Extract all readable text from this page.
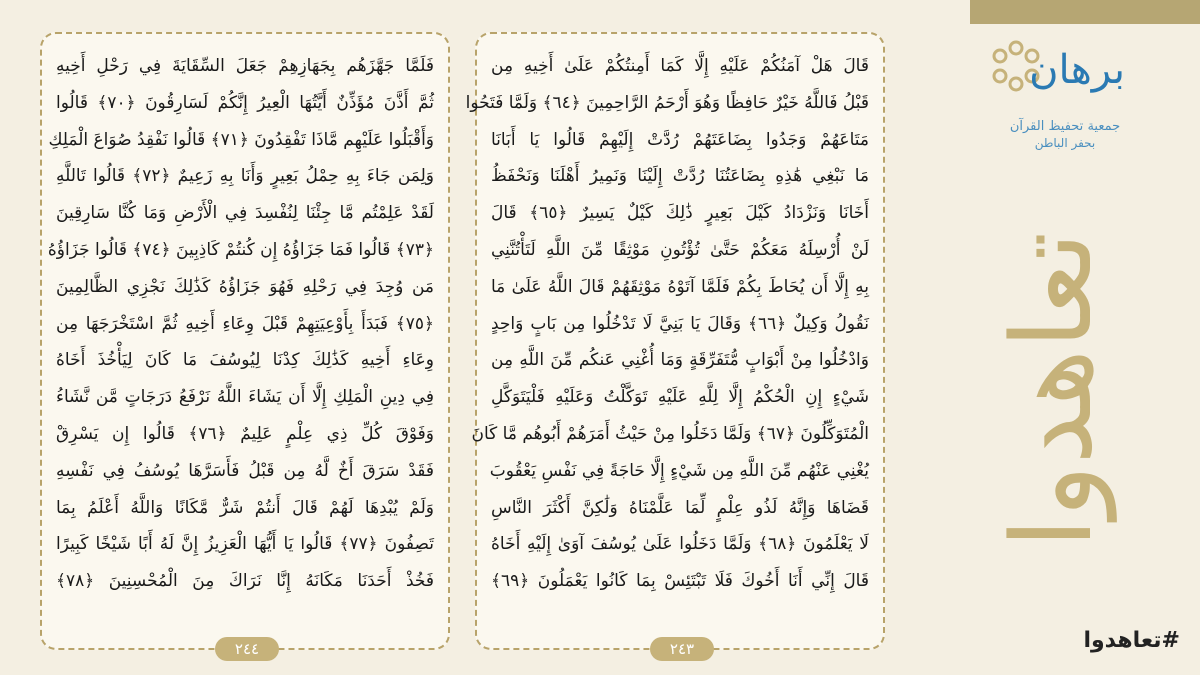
فَلَمَّا جَهَّزَهُم بِجَهَازِهِمْ جَعَلَ السِّقَايَةَ فِي رَحْلِ أَخِيهِ
ثُمَّ أَذَّنَ مُؤَذِّنٌ أَيَّتُهَا الْعِيرُ إِنَّكُمْ لَسَارِقُونَ ﴿٧٠﴾ قَالُوا
وَأَقْبَلُوا عَلَيْهِم مَّاذَا تَفْقِدُونَ ﴿٧١﴾ قَالُوا نَفْقِدُ صُوَاعَ الْمَلِكِ
وَلِمَن جَاءَ بِهِ حِمْلُ بَعِيرٍ وَأَنَا بِهِ زَعِيمٌ ﴿٧٢﴾ قَالُوا تَاللَّهِ
لَقَدْ عَلِمْتُم مَّا جِئْنَا لِنُفْسِدَ فِي الْأَرْضِ وَمَا كُنَّا سَارِقِينَ
﴿٧٣﴾ قَالُوا فَمَا جَزَاؤُهُ إِن كُنتُمْ كَاذِبِينَ ﴿٧٤﴾ قَالُوا جَزَاؤُهُ
مَن وُجِدَ فِي رَحْلِهِ فَهُوَ جَزَاؤُهُ كَذَٰلِكَ نَجْزِي الظَّالِمِينَ
﴿٧٥﴾ فَبَدَأَ بِأَوْعِيَتِهِمْ قَبْلَ وِعَاءِ أَخِيهِ ثُمَّ اسْتَخْرَجَهَا مِن
وِعَاءِ أَخِيهِ كَذَٰلِكَ كِدْنَا لِيُوسُفَ مَا كَانَ لِيَأْخُذَ أَخَاهُ
فِي دِينِ الْمَلِكِ إِلَّا أَن يَشَاءَ اللَّهُ نَرْفَعُ دَرَجَاتٍ مَّن نَّشَاءُ
وَفَوْقَ كُلِّ ذِي عِلْمٍ عَلِيمٌ ﴿٧٦﴾ قَالُوا إِن يَسْرِقْ
فَقَدْ سَرَقَ أَخٌ لَّهُ مِن قَبْلُ فَأَسَرَّهَا يُوسُفُ فِي نَفْسِهِ
وَلَمْ يُبْدِهَا لَهُمْ قَالَ أَنتُمْ شَرٌّ مَّكَانًا وَاللَّهُ أَعْلَمُ بِمَا
تَصِفُونَ ﴿٧٧﴾ قَالُوا يَا أَيُّهَا الْعَزِيزُ إِنَّ لَهُ أَبًا شَيْخًا كَبِيرًا
فَخُذْ أَحَدَنَا مَكَانَهُ إِنَّا نَرَاكَ مِنَ الْمُحْسِنِينَ ﴿٧٨﴾
٢٤٤
قَالَ هَلْ آمَنُكُمْ عَلَيْهِ إِلَّا كَمَا أَمِنتُكُمْ عَلَىٰ أَخِيهِ مِن
قَبْلُ فَاللَّهُ خَيْرٌ حَافِظًا وَهُوَ أَرْحَمُ الرَّاحِمِينَ ﴿٦٤﴾ وَلَمَّا فَتَحُوا
مَتَاعَهُمْ وَجَدُوا بِضَاعَتَهُمْ رُدَّتْ إِلَيْهِمْ قَالُوا يَا أَبَانَا
مَا نَبْغِي هَٰذِهِ بِضَاعَتُنَا رُدَّتْ إِلَيْنَا وَنَمِيرُ أَهْلَنَا وَنَحْفَظُ
أَخَانَا وَنَزْدَادُ كَيْلَ بَعِيرٍ ذَٰلِكَ كَيْلٌ يَسِيرٌ ﴿٦٥﴾ قَالَ
لَنْ أُرْسِلَهُ مَعَكُمْ حَتَّىٰ تُؤْتُونِ مَوْثِقًا مِّنَ اللَّهِ لَتَأْتُنَّنِي
بِهِ إِلَّا أَن يُحَاطَ بِكُمْ فَلَمَّا آتَوْهُ مَوْثِقَهُمْ قَالَ اللَّهُ عَلَىٰ مَا
نَقُولُ وَكِيلٌ ﴿٦٦﴾ وَقَالَ يَا بَنِيَّ لَا تَدْخُلُوا مِن بَابٍ وَاحِدٍ
وَادْخُلُوا مِنْ أَبْوَابٍ مُّتَفَرِّقَةٍ وَمَا أُغْنِي عَنكُم مِّنَ اللَّهِ مِن
شَيْءٍ إِنِ الْحُكْمُ إِلَّا لِلَّهِ عَلَيْهِ تَوَكَّلْتُ وَعَلَيْهِ فَلْيَتَوَكَّلِ
الْمُتَوَكِّلُونَ ﴿٦٧﴾ وَلَمَّا دَخَلُوا مِنْ حَيْثُ أَمَرَهُمْ أَبُوهُم مَّا كَانَ
يُغْنِي عَنْهُم مِّنَ اللَّهِ مِن شَيْءٍ إِلَّا حَاجَةً فِي نَفْسِ يَعْقُوبَ
قَضَاهَا وَإِنَّهُ لَذُو عِلْمٍ لِّمَا عَلَّمْنَاهُ وَلَٰكِنَّ أَكْثَرَ النَّاسِ
لَا يَعْلَمُونَ ﴿٦٨﴾ وَلَمَّا دَخَلُوا عَلَىٰ يُوسُفَ آوَىٰ إِلَيْهِ أَخَاهُ
قَالَ إِنِّي أَنَا أَخُوكَ فَلَا تَبْتَئِسْ بِمَا كَانُوا يَعْمَلُونَ ﴿٦٩﴾
٢٤٣
برهان
جمعية تحفيظ القرآن
بحفر الباطن
تعاهدوا
#تعاهدوا
